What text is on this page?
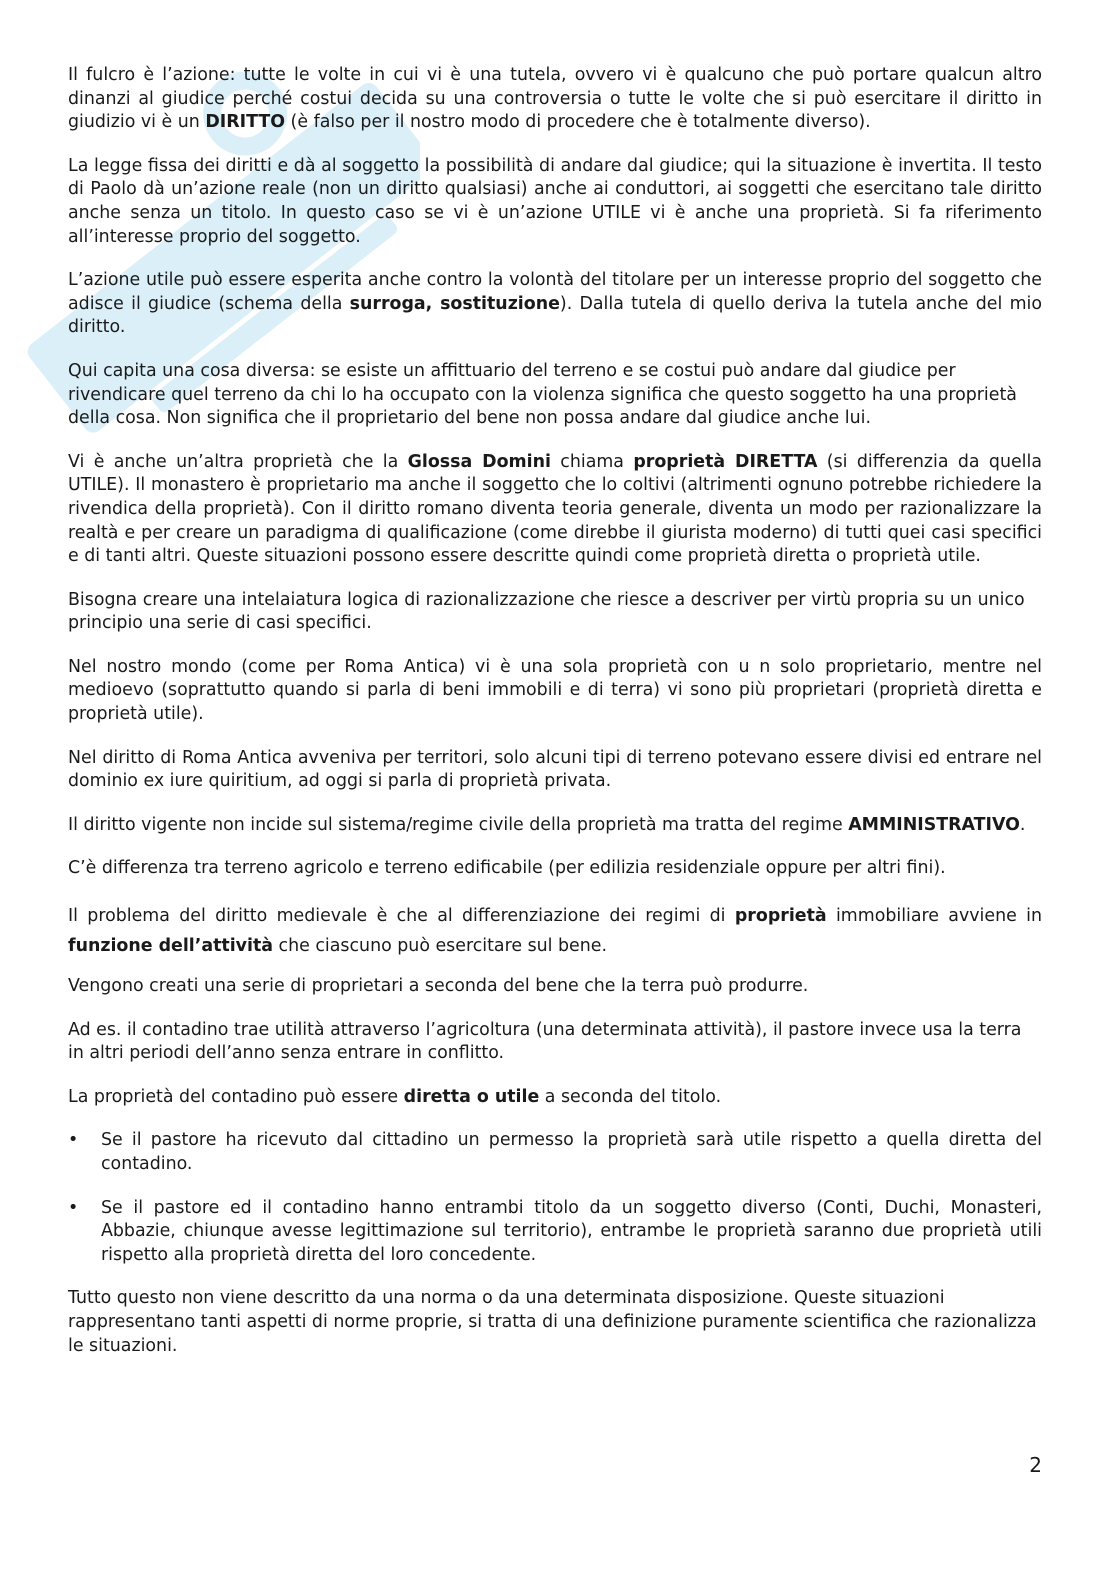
Il fulcro è l’azione: tutte le volte in cui vi è una tutela, ovvero vi è qualcuno che può portare qualcun altro dinanzi al giudice perché costui decida su una controversia o tutte le volte che si può esercitare il diritto in giudizio vi è un DIRITTO (è falso per il nostro modo di procedere che è totalmente diverso).

La legge fissa dei diritti e dà al soggetto la possibilità di andare dal giudice; qui la situazione è invertita. Il testo di Paolo dà un’azione reale (non un diritto qualsiasi) anche ai conduttori, ai soggetti che esercitano tale diritto anche senza un titolo. In questo caso se vi è un’azione UTILE vi è anche una proprietà. Si fa riferimento all’interesse proprio del soggetto.

L’azione utile può essere esperita anche contro la volontà del titolare per un interesse proprio del soggetto che adisce il giudice (schema della surroga, sostituzione). Dalla tutela di quello deriva la tutela anche del mio diritto.

Qui capita una cosa diversa: se esiste un affittuario del terreno e se costui può andare dal giudice per rivendicare quel terreno da chi lo ha occupato con la violenza significa che questo soggetto ha una proprietà della cosa. Non significa che il proprietario del bene non possa andare dal giudice anche lui.

Vi è anche un’altra proprietà che la Glossa Domini chiama proprietà DIRETTA (si differenzia da quella UTILE). Il monastero è proprietario ma anche il soggetto che lo coltivi (altrimenti ognuno potrebbe richiedere la rivendica della proprietà). Con il diritto romano diventa teoria generale, diventa un modo per razionalizzare la realtà e per creare un paradigma di qualificazione (come direbbe il giurista moderno) di tutti quei casi specifici e di tanti altri. Queste situazioni possono essere descritte quindi come proprietà diretta o proprietà utile.

Bisogna creare una intelaiatura logica di razionalizzazione che riesce a descriver per virtù propria su un unico principio una serie di casi specifici.

Nel nostro mondo (come per Roma Antica) vi è una sola proprietà con u n solo proprietario, mentre nel medioevo (soprattutto quando si parla di beni immobili e di terra) vi sono più proprietari (proprietà diretta e proprietà utile).

Nel diritto di Roma Antica avveniva per territori, solo alcuni tipi di terreno potevano essere divisi ed entrare nel dominio ex iure quiritium, ad oggi si parla di proprietà privata.

Il diritto vigente non incide sul sistema/regime civile della proprietà ma tratta del regime AMMINISTRATIVO.

C’è differenza tra terreno agricolo e terreno edificabile (per edilizia residenziale oppure per altri fini).

Il problema del diritto medievale è che al differenziazione dei regimi di proprietà immobiliare avviene in funzione dell’attività che ciascuno può esercitare sul bene.

Vengono creati una serie di proprietari a seconda del bene che la terra può produrre.

Ad es. il contadino trae utilità attraverso l’agricoltura (una determinata attività), il pastore invece usa la terra in altri periodi dell’anno senza entrare in conflitto.

La proprietà del contadino può essere diretta o utile a seconda del titolo.

• Se il pastore ha ricevuto dal cittadino un permesso la proprietà sarà utile rispetto a quella diretta del contadino.
• Se il pastore ed il contadino hanno entrambi titolo da un soggetto diverso (Conti, Duchi, Monasteri, Abbazie, chiunque avesse legittimazione sul territorio), entrambe le proprietà saranno due proprietà utili rispetto alla proprietà diretta del loro concedente.

Tutto questo non viene descritto da una norma o da una determinata disposizione. Queste situazioni rappresentano tanti aspetti di norme proprie, si tratta di una definizione puramente scientifica che razionalizza le situazioni.

2
